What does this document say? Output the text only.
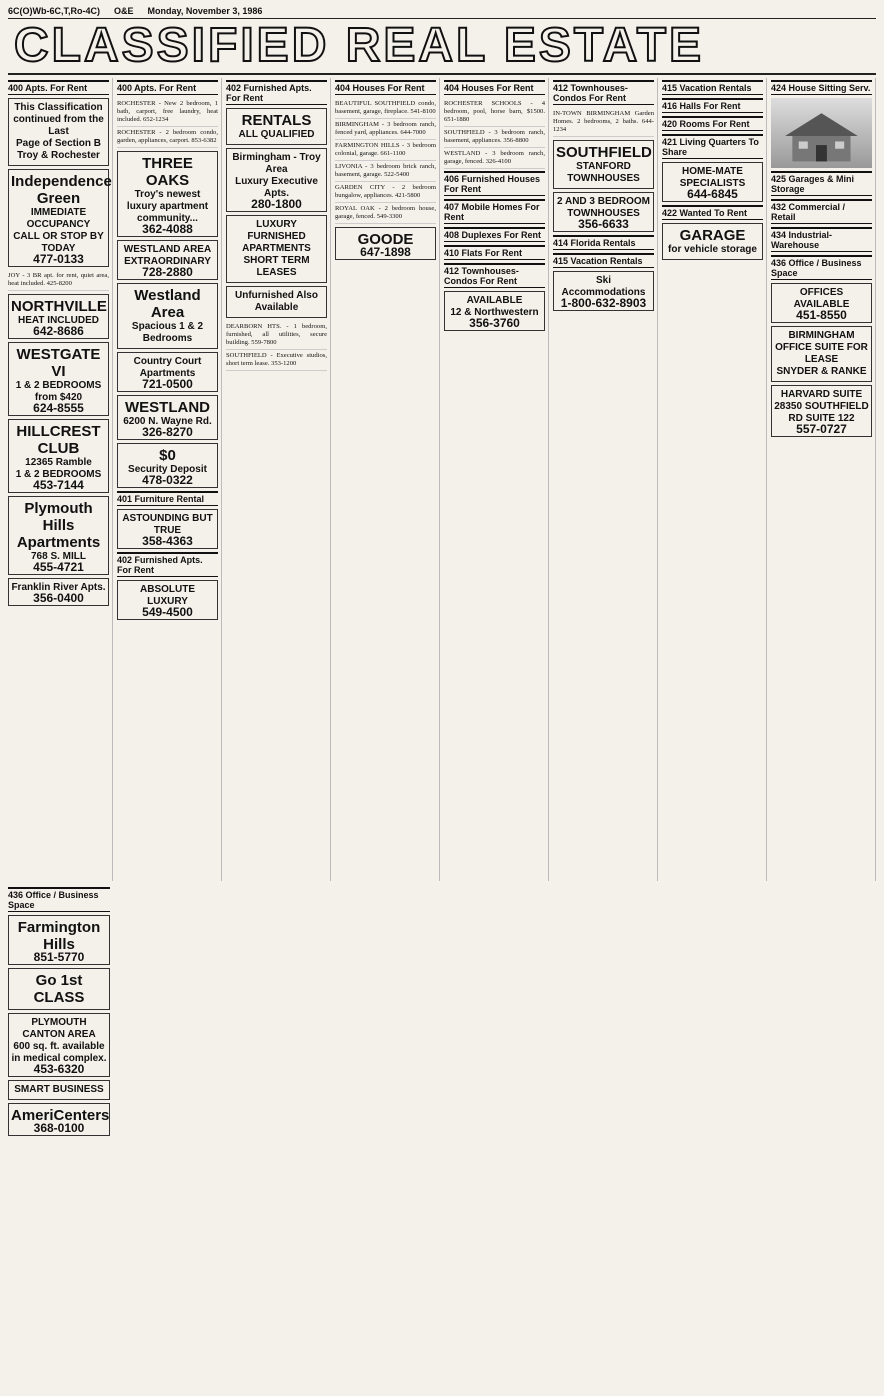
6C(O)Wb-6C,T,Ro-4C) O&E Monday, November 3, 1986
CLASSIFIED REAL ESTATE
400 Apts. For Rent
This Classification
continued from the Last
Page of Section B
Troy & Rochester
Independence Green
IMMEDIATE OCCUPANCY
CALL OR STOP BY TODAY
477-0133
JOY - 3 BR apt. for rent, quiet area, heat included. 425-8200
NORTHVILLE
HEAT INCLUDED
642-8686
WESTGATE VI
1 & 2 BEDROOMS
from $420
624-8555
HILLCREST CLUB
12365 Ramble
1 & 2 BEDROOMS
453-7144
Plymouth Hills Apartments
768 S. MILL
455-4721
Franklin River Apts.
356-0400
400 Apts. For Rent
ROCHESTER - New 2 bedroom, 1 bath, carport, free laundry, heat included. 652-1234
ROCHESTER - 2 bedroom condo, garden, appliances, carport. 853-6382
THREE OAKS
Troy's newest luxury apartment community...
362-4088
WESTLAND AREA
EXTRAORDINARY
728-2880
Westland Area
Spacious 1 & 2 Bedrooms
Country Court Apartments
721-0500
WESTLAND
6200 N. Wayne Rd.
326-8270
$0
Security Deposit
478-0322
401 Furniture Rental
ASTOUNDING BUT TRUE
358-4363
402 Furnished Apts. For Rent
ABSOLUTE LUXURY
549-4500
402 Furnished Apts. For Rent
RENTALS
ALL QUALIFIED
Birmingham - Troy Area
Luxury Executive Apts.
280-1800
LUXURY FURNISHED APARTMENTS
SHORT TERM LEASES
Unfurnished Also Available
DEARBORN HTS. - 1 bedroom, furnished, all utilities, secure building. 559-7800
SOUTHFIELD - Executive studios, short term lease. 353-1200
404 Houses For Rent
BEAUTIFUL SOUTHFIELD condo, basement, garage, fireplace. 541-8100
BIRMINGHAM - 3 bedroom ranch, fenced yard, appliances. 644-7000
FARMINGTON HILLS - 3 bedroom colonial, garage. 661-1100
LIVONIA - 3 bedroom brick ranch, basement, garage. 522-5400
GARDEN CITY - 2 bedroom bungalow, appliances. 421-5800
ROYAL OAK - 2 bedroom house, garage, fenced. 549-3300
GOODE
647-1898
404 Houses For Rent
ROCHESTER SCHOOLS - 4 bedroom, pool, horse barn, $1500. 651-1880
SOUTHFIELD - 3 bedroom ranch, basement, appliances. 356-8800
WESTLAND - 3 bedroom ranch, garage, fenced. 326-4100
406 Furnished Houses For Rent
407 Mobile Homes For Rent
408 Duplexes For Rent
410 Flats For Rent
412 Townhouses-Condos For Rent
AVAILABLE
12 & Northwestern
356-3760
412 Townhouses-Condos For Rent
IN-TOWN BIRMINGHAM Garden Homes. 2 bedrooms, 2 baths. 644-1234
SOUTHFIELD
STANFORD TOWNHOUSES
2 AND 3 BEDROOM TOWNHOUSES
356-6633
414 Florida Rentals
415 Vacation Rentals
Ski Accommodations
1-800-632-8903
415 Vacation Rentals
416 Halls For Rent
420 Rooms For Rent
421 Living Quarters To Share
HOME-MATE SPECIALISTS
644-6845
422 Wanted To Rent
GARAGE
for vehicle storage
424 House Sitting Serv.
425 Garages & Mini Storage
432 Commercial / Retail
434 Industrial-Warehouse
436 Office / Business Space
OFFICES AVAILABLE
451-8550
BIRMINGHAM OFFICE SUITE FOR LEASE
SNYDER & RANKE
HARVARD SUITE
28350 SOUTHFIELD RD SUITE 122
557-0727
436 Office / Business Space
Farmington Hills
851-5770
Go 1st CLASS
PLYMOUTH CANTON AREA
600 sq. ft. available in medical complex.
453-6320
SMART BUSINESS
AmeriCenters
368-0100
